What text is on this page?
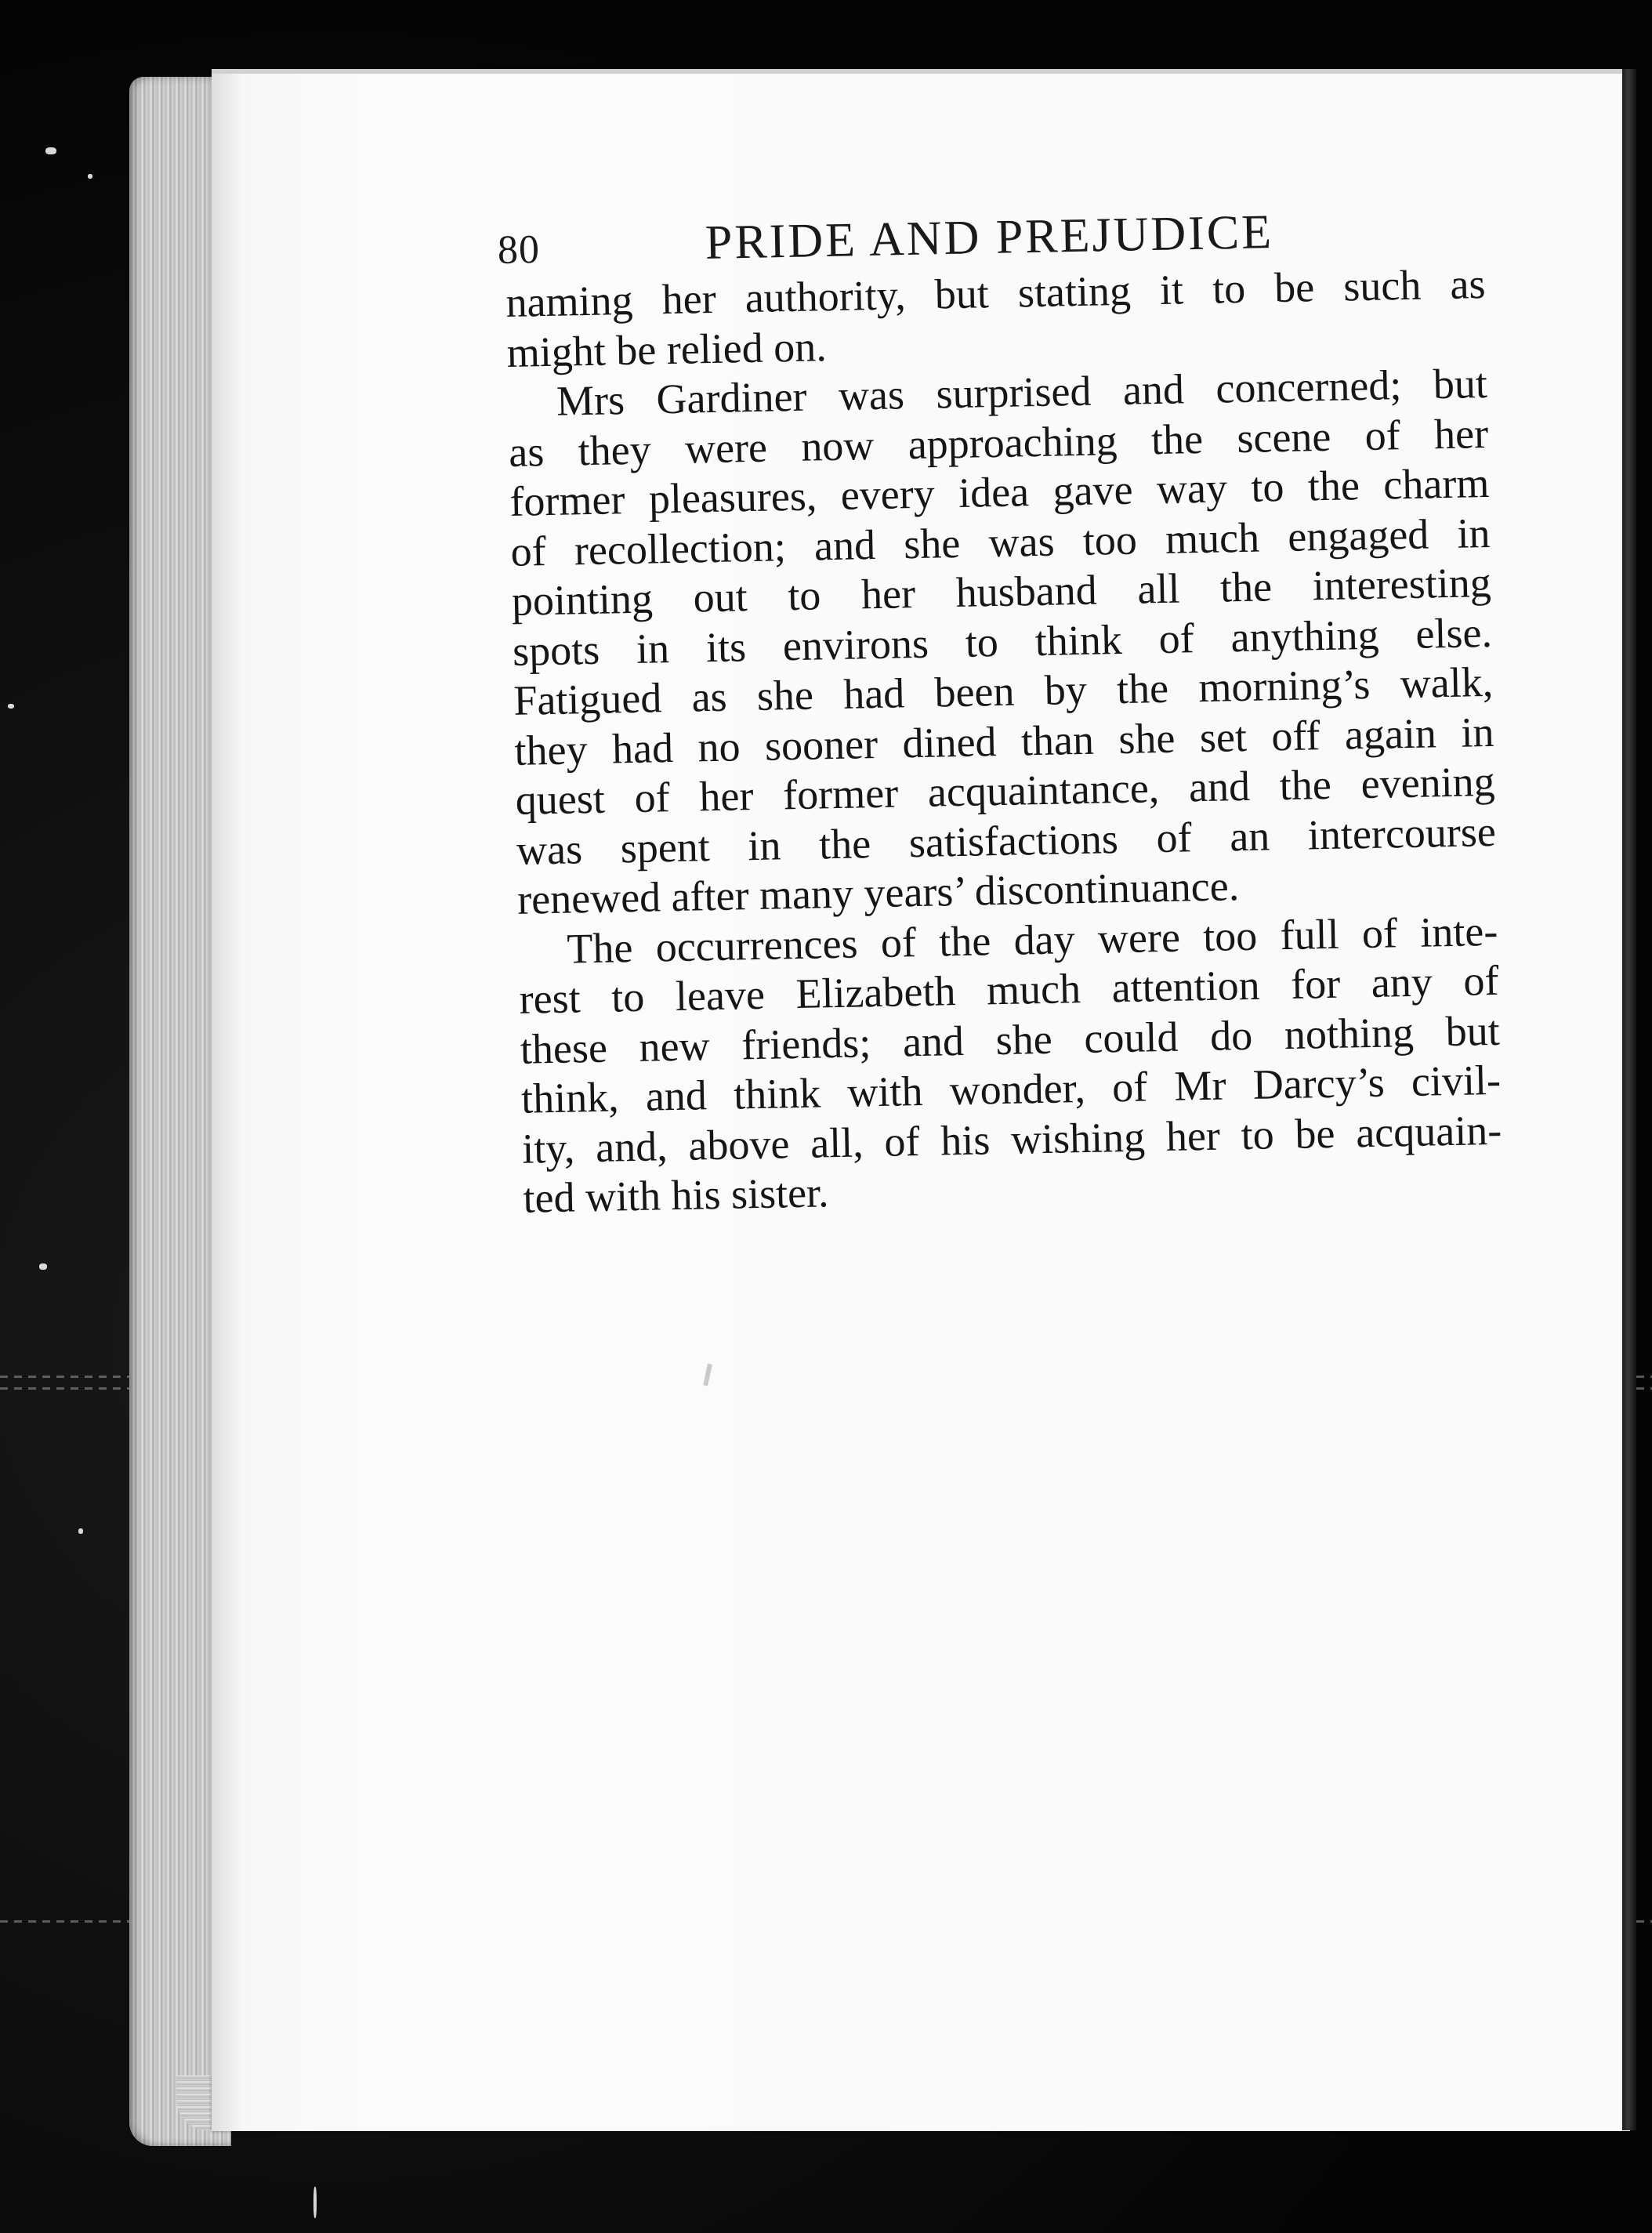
80	PRIDE AND PREJUDICE
naming her authority, but stating it to be such as
might be relied on.
Mrs Gardiner was surprised and concerned; but
as they were now approaching the scene of her
former pleasures, every idea gave way to the charm
of recollection; and she was too much engaged in
pointing out to her husband all the interesting
spots in its environs to think of anything else.
Fatigued as she had been by the morning’s walk,
they had no sooner dined than she set off again in
quest of her former acquaintance, and the evening
was spent in the satisfactions of an intercourse
renewed after many years’ discontinuance.
The occurrences of the day were too full of inte-
rest to leave Elizabeth much attention for any of
these new friends; and she could do nothing but
think, and think with wonder, of Mr Darcy’s civil-
ity, and, above all, of his wishing her to be acquain-
ted with his sister.
